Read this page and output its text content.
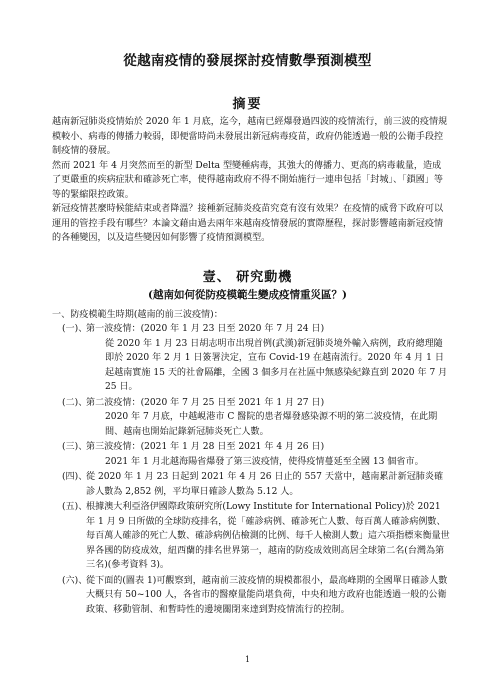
從越南疫情的發展探討疫情數學預測模型
摘要

越南新冠肺炎疫情始於 2020 年 1 月底，迄今，越南已經爆發過四波的疫情流行，前三波的疫情規模較小、病毒的傳播力較弱，即便當時尚未發展出新冠病毒疫苗，政府仍能透過一般的公衛手段控制疫情的發展。

然而 2021 年 4 月突然而至的新型 Delta 型變種病毒，其強大的傳播力、更高的病毒載量，造成了更嚴重的疾病症狀和確診死亡率，使得越南政府不得不開始施行一連串包括「封城」、「鎖國」等等的緊縮限控政策。

新冠疫情甚麼時候能結束或者降溫？接種新冠肺炎疫苗究竟有沒有效果？在疫情的威脅下政府可以運用的管控手段有哪些？本論文藉由過去兩年來越南疫情發展的實際歷程，探討影響越南新冠疫情的各種變因，以及這些變因如何影響了疫情預測模型。

壹、 研究動機
(越南如何從防疫模範生變成疫情重災區？)
一、防疫模範生時期(越南的前三波疫情)：
(一)、
第一波疫情：(2020 年 1 月 23 日至 2020 年 7 月 24 日)
從 2020 年 1 月 23 日胡志明市出現首例(武漢)新冠肺炎境外輸入病例，政府總理隨即於 2020 年 2 月 1 日簽署決定，宣布 Covid-19 在越南流行。2020 年 4 月 1 日起越南實施 15 天的社會隔離，全國 3 個多月在社區中無感染紀錄直到 2020 年 7 月 25 日。
(二)、
第二波疫情：(2020 年 7 月 25 日至 2021 年 1 月 27 日)
2020 年 7 月底，中越峴港市 C 醫院的患者爆發感染源不明的第二波疫情，在此期間、越南也開始記錄新冠肺炎死亡人數。
(三)、
第三波疫情：(2021 年 1 月 28 日至 2021 年 4 月 26 日)
2021 年 1 月北越海陽省爆發了第三波疫情，使得疫情蔓延至全國 13 個省市。
(四)、
從 2020 年 1 月 23 日起到 2021 年 4 月 26 日止的 557 天當中，越南累計新冠肺炎確診人數為 2,852 例，平均單日確診人數為 5.12 人。
(五)、
根據澳大利亞洛伊國際政策研究所(Lowy Institute for International Policy)於 2021 年 1 月 9 日所做的全球防疫排名，從「確診病例、確診死亡人數、每百萬人確診病例數、每百萬人確診的死亡人數、確診病例佔檢測的比例、每千人檢測人數」這六項指標來衡量世界各國的防疫成效，紐西蘭的排名世界第一，越南的防疫成效則高居全球第二名(台灣為第三名)(參考資料 3)。
(六)、
從下面的(圖表 1)可觀察到，越南前三波疫情的規模都很小，最高峰期的全國單日確診人數大概只有 50~100 人，各省市的醫療量能尚堪負荷，中央和地方政府也能透過一般的公衛政策、移動管制、和暫時性的邊境關閉來達到對疫情流行的控制。
1
